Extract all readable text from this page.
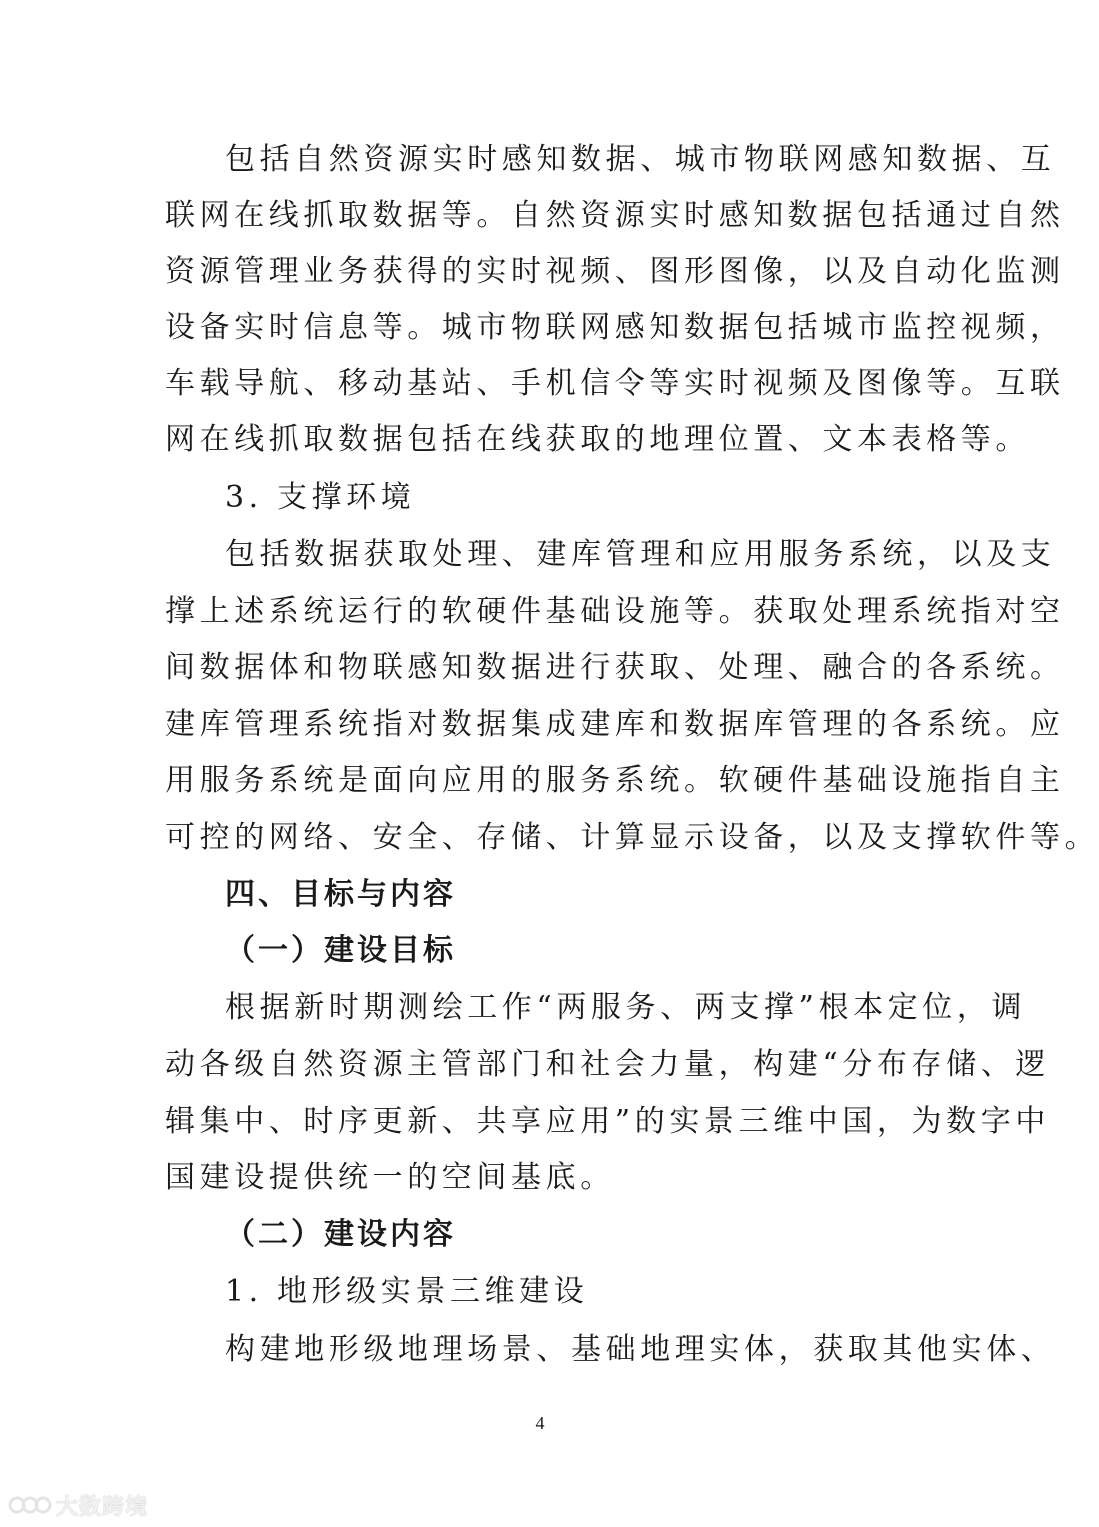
包括自然资源实时感知数据、城市物联网感知数据、互
联网在线抓取数据等。自然资源实时感知数据包括通过自然
资源管理业务获得的实时视频、图形图像，以及自动化监测
设备实时信息等。城市物联网感知数据包括城市监控视频，
车载导航、移动基站、手机信令等实时视频及图像等。互联
网在线抓取数据包括在线获取的地理位置、文本表格等。
3. 支撑环境
包括数据获取处理、建库管理和应用服务系统，以及支
撑上述系统运行的软硬件基础设施等。获取处理系统指对空
间数据体和物联感知数据进行获取、处理、融合的各系统。
建库管理系统指对数据集成建库和数据库管理的各系统。应
用服务系统是面向应用的服务系统。软硬件基础设施指自主
可控的网络、安全、存储、计算显示设备，以及支撑软件等。
四、目标与内容
（一）建设目标
根据新时期测绘工作“两服务、两支撑”根本定位，调
动各级自然资源主管部门和社会力量，构建“分布存储、逻
辑集中、时序更新、共享应用”的实景三维中国，为数字中
国建设提供统一的空间基底。
（二）建设内容
1. 地形级实景三维建设
构建地形级地理场景、基础地理实体，获取其他实体、
4
大数跨境
